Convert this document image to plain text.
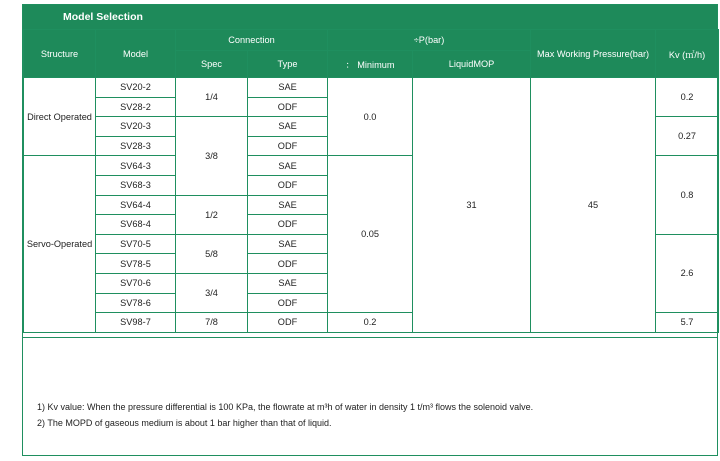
Model Selection
Structure	Model	Connection		÷P(bar)		Max Working Pressure(bar)	Kv (㎡/h)
		Spec	Type	： Minimum	LiquidMOP		
Direct Operated	SV20-2	1/4	SAE	0.0	31	45	0.2
	SV28-2		ODF				
	SV20-3	3/8	SAE				0.27
	SV28-3		ODF				
Servo-Operated	SV64-3		SAE	0.05			0.8
	SV68-3		ODF				
	SV64-4	1/2	SAE				
	SV68-4		ODF				
	SV70-5	5/8	SAE				2.6
	SV78-5		ODF				
	SV70-6	3/4	SAE				
	SV78-6		ODF				
	SV98-7	7/8	ODF	0.2			5.7
1) Kv value: When the pressure differential is 100 KPa, the flowrate at m³h of water in density 1 t/m³ flows the solenoid valve.
2) The MOPD of gaseous medium is about 1 bar higher than that of liquid.
